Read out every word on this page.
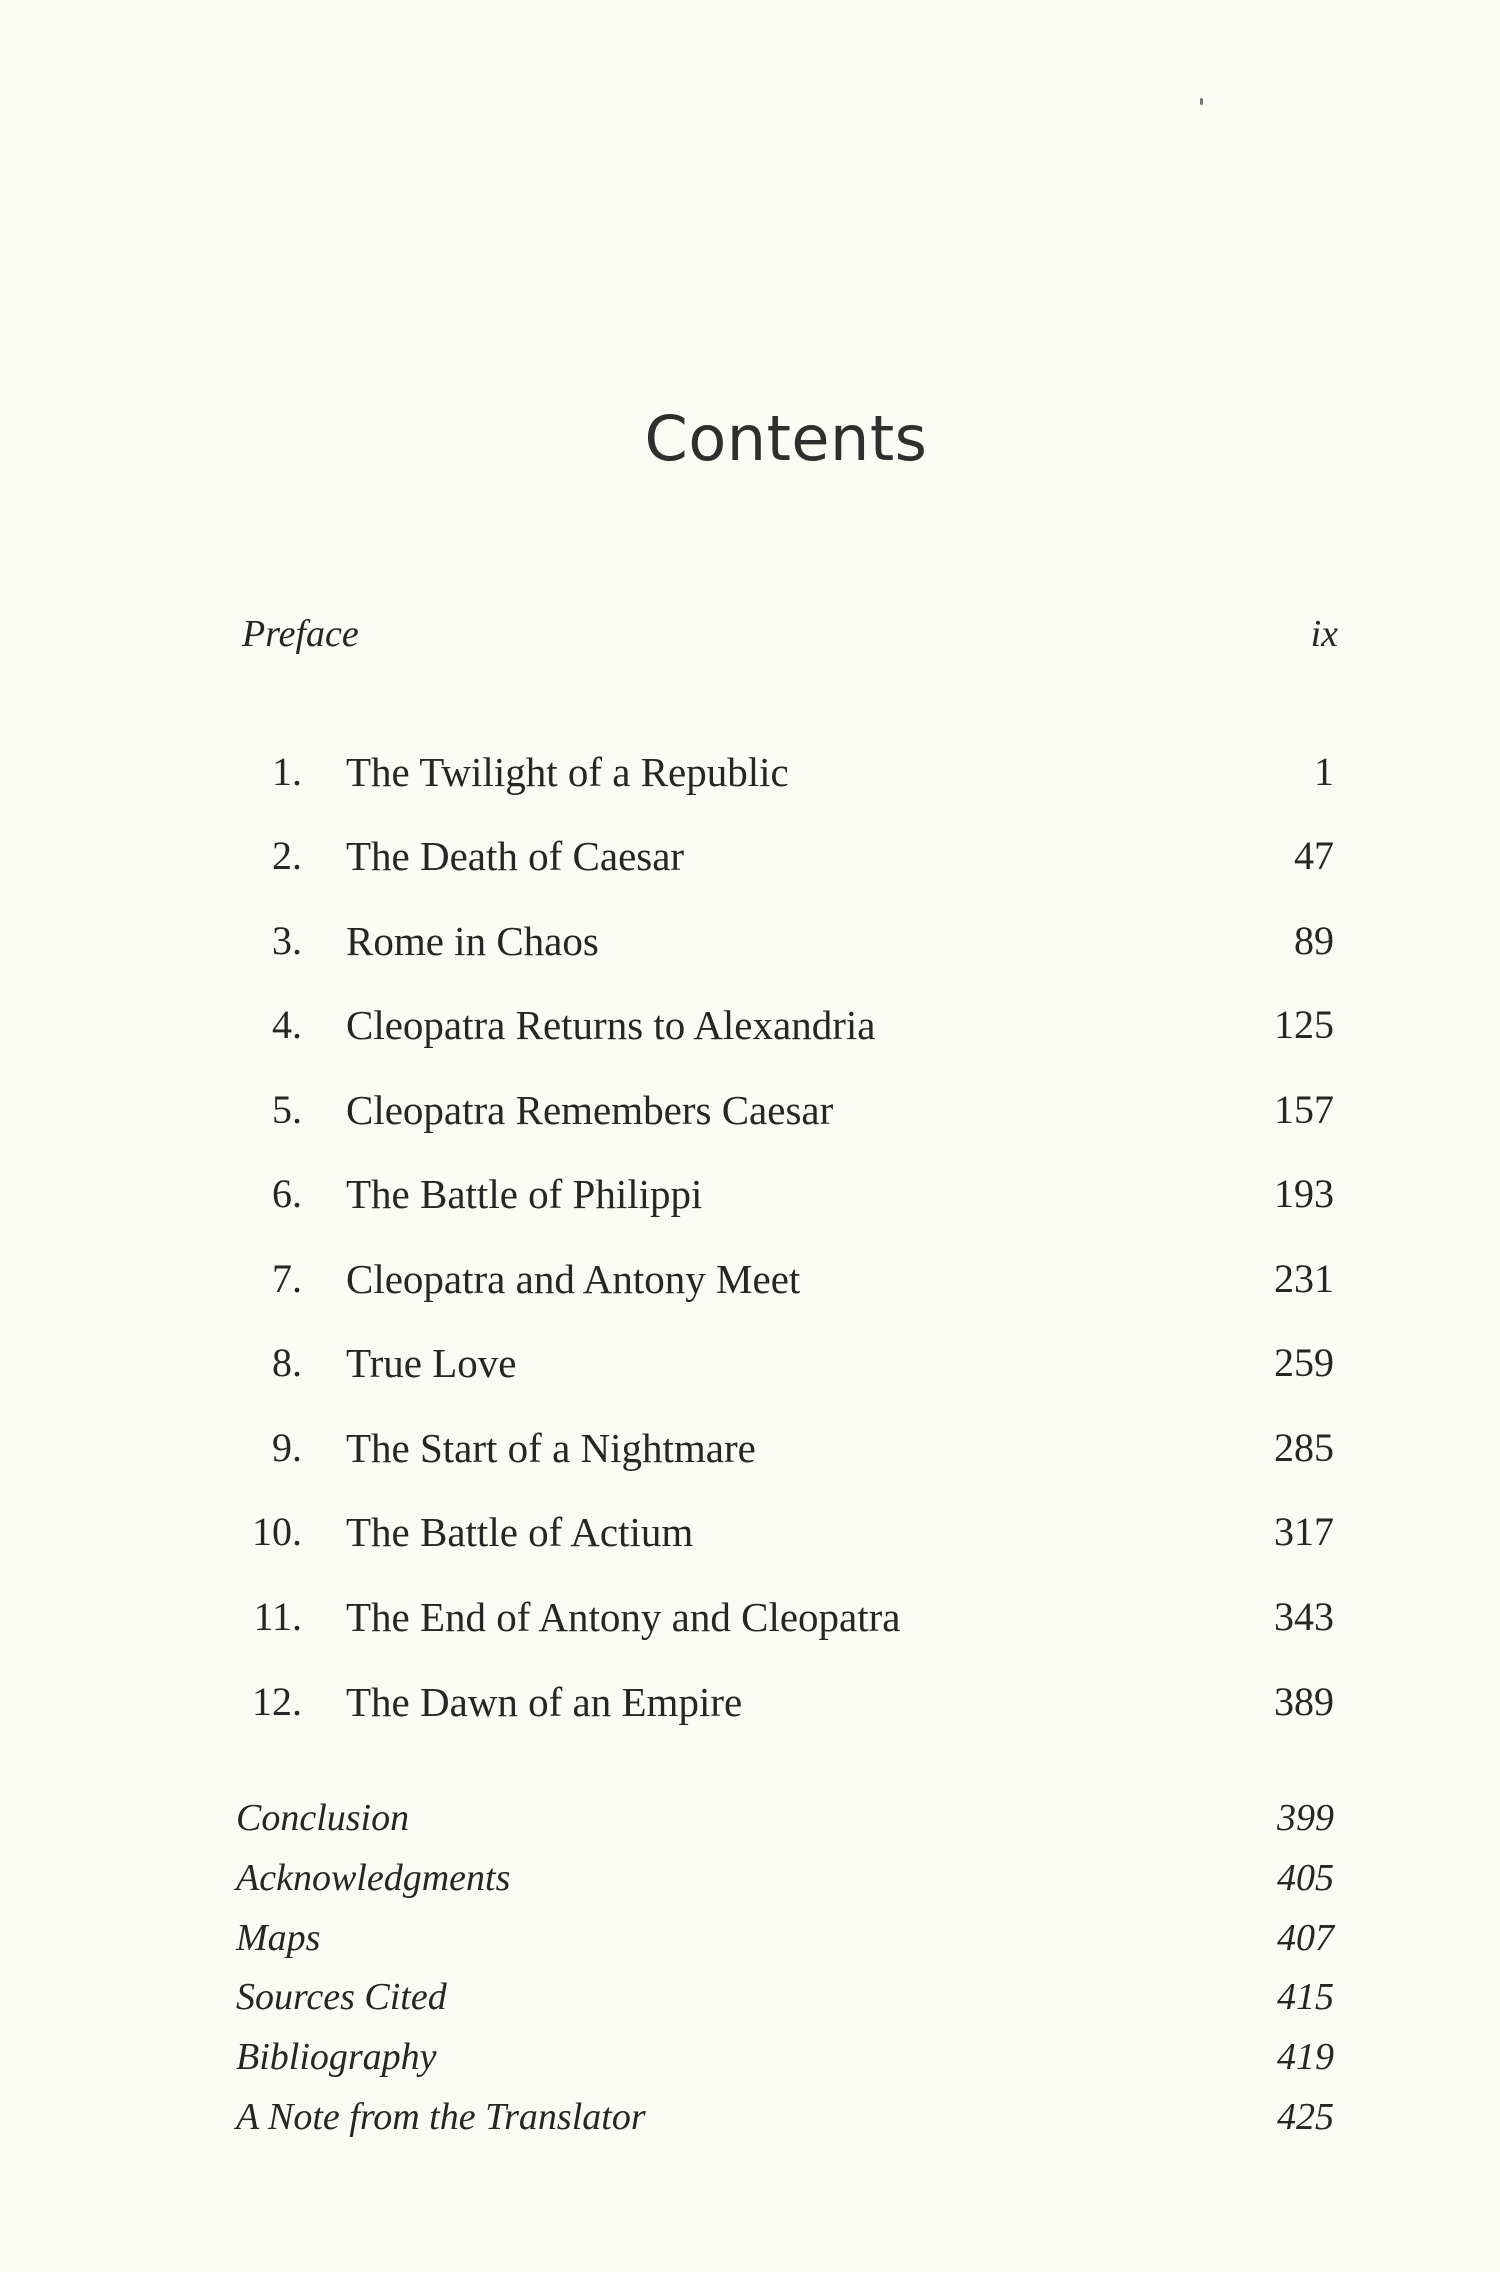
Contents
Preface	ix
1. The Twilight of a Republic	1
2. The Death of Caesar	47
3. Rome in Chaos	89
4. Cleopatra Returns to Alexandria	125
5. Cleopatra Remembers Caesar	157
6. The Battle of Philippi	193
7. Cleopatra and Antony Meet	231
8. True Love	259
9. The Start of a Nightmare	285
10. The Battle of Actium	317
11. The End of Antony and Cleopatra	343
12. The Dawn of an Empire	389
Conclusion	399
Acknowledgments	405
Maps	407
Sources Cited	415
Bibliography	419
A Note from the Translator	425
